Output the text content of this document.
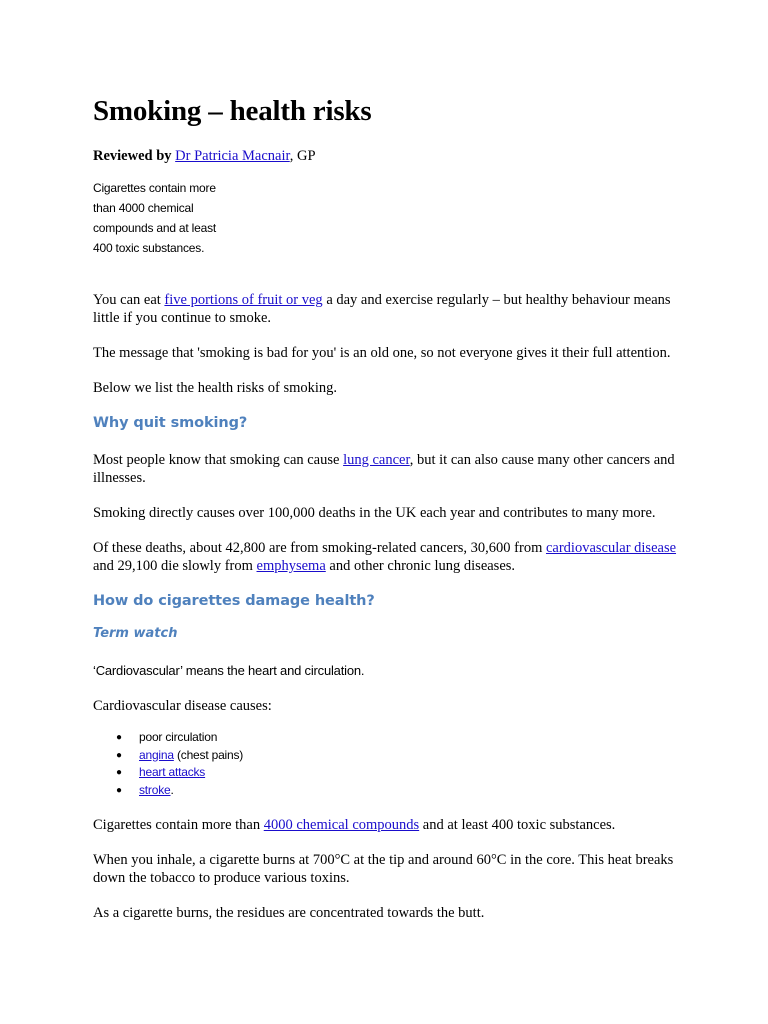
Smoking – health risks
Reviewed by Dr Patricia Macnair, GP
Cigarettes contain more
than 4000 chemical
compounds and at least
400 toxic substances.

You can eat five portions of fruit or veg a day and exercise regularly – but healthy behaviour means little if you continue to smoke.

The message that 'smoking is bad for you' is an old one, so not everyone gives it their full attention.

Below we list the health risks of smoking.

Why quit smoking?

Most people know that smoking can cause lung cancer, but it can also cause many other cancers and illnesses.

Smoking directly causes over 100,000 deaths in the UK each year and contributes to many more.

Of these deaths, about 42,800 are from smoking-related cancers, 30,600 from cardiovascular disease and 29,100 die slowly from emphysema and other chronic lung diseases.

How do cigarettes damage health?
Term watch
‘Cardiovascular’ means the heart and circulation.

Cardiovascular disease causes:

● poor circulation
● angina (chest pains)
● heart attacks
● stroke.

Cigarettes contain more than 4000 chemical compounds and at least 400 toxic substances.

When you inhale, a cigarette burns at 700°C at the tip and around 60°C in the core. This heat breaks down the tobacco to produce various toxins.

As a cigarette burns, the residues are concentrated towards the butt.
